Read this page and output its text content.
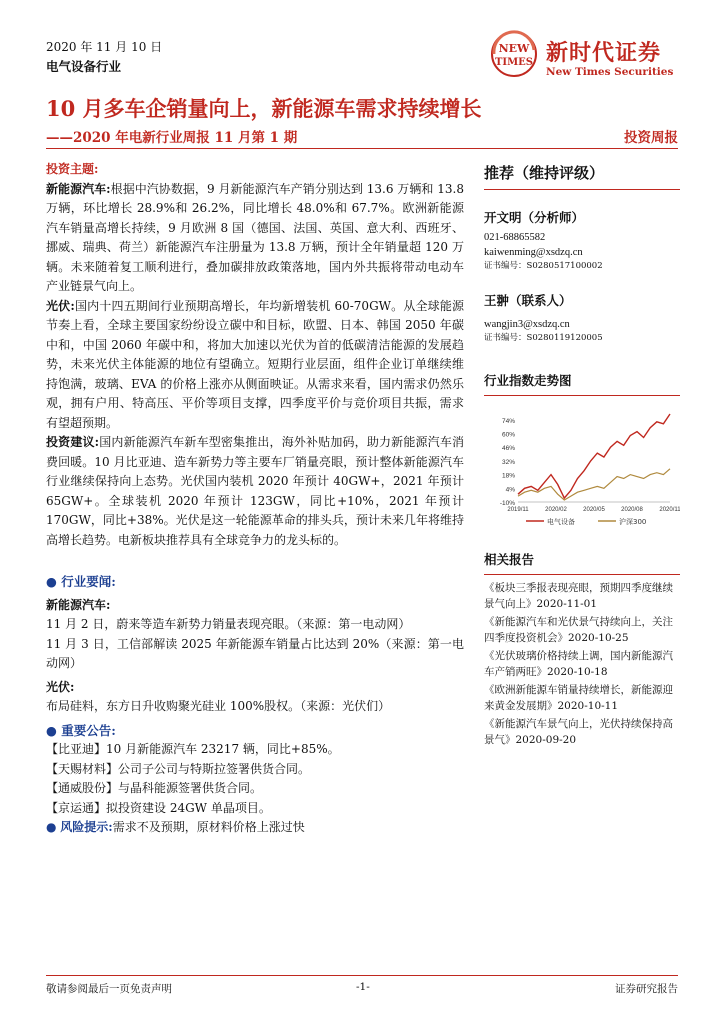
2020 年 11 月 10 日
电气设备行业
NEW
TIMES 新时代证券
New Times Securities
10 月多车企销量向上，新能源车需求持续增长
——2020 年电新行业周报 11 月第 1 期	投资周报

投资主题:

新能源汽车:根据中汽协数据，9 月新能源汽车产销分别达到 13.6 万辆和 13.8 万辆，环比增长 28.9%和 26.2%，同比增长 48.0%和 67.7%。欧洲新能源汽车销量高增长持续，9 月欧洲 8 国（德国、法国、英国、意大利、西班牙、挪威、瑞典、荷兰）新能源汽车注册量为 13.8 万辆，预计全年销量超 120 万辆。未来随着复工顺利进行，叠加碳排放政策落地，国内外共振将带动电动车产业链景气向上。

光伏:国内十四五期间行业预期高增长，年均新增装机 60-70GW。从全球能源节奏上看，全球主要国家纷纷设立碳中和目标，欧盟、日本、韩国 2050 年碳中和，中国 2060 年碳中和，将加大加速以光伏为首的低碳清洁能源的发展趋势，未来光伏主体能源的地位有望确立。短期行业层面，组件企业订单继续维持饱满，玻璃、EVA 的价格上涨亦从侧面映证。从需求来看，国内需求仍然乐观，拥有户用、特高压、平价等项目支撑，四季度平价与竞价项目共振，需求有望超预期。

投资建议:国内新能源汽车新车型密集推出，海外补贴加码，助力新能源汽车消费回暖。10 月比亚迪、造车新势力等主要车厂销量亮眼，预计整体新能源汽车行业继续保持向上态势。光伏国内装机 2020 年预计 40GW+，2021 年预计 65GW+。全球装机 2020 年预计 123GW，同比+10%，2021 年预计 170GW，同比+38%。光伏是这一轮能源革命的排头兵，预计未来几年将维持高增长趋势。电新板块推荐具有全球竞争力的龙头标的。

● 行业要闻:
新能源汽车:

11 月 2 日，蔚来等造车新势力销量表现亮眼。（来源：第一电动网）

11 月 3 日，工信部解读 2025 年新能源车销量占比达到 20%（来源：第一电动网）

光伏:

布局硅料，东方日升收购聚光硅业 100%股权。（来源：光伏们）

● 重要公告:

【比亚迪】10 月新能源汽车 23217 辆，同比+85%。

【天赐材料】公司子公司与特斯拉签署供货合同。

【通威股份】与晶科能源签署供货合同。

【京运通】拟投资建设 24GW 单晶项目。

● 风险提示:需求不及预期，原材料价格上涨过快

推荐（维持评级）
开文明（分析师）
021-68865582
kaiwenming@xsdzq.cn
证书编号：S0280517100002
王翀（联系人）
wangjin3@xsdzq.cn
证书编号：S0280119120005
行业指数走势图
74%
60%
46%
32%
18%
4%
-10%
2019/11	2020/02	2020/05	2020/08	2020/11
电气设备	沪深300
相关报告
《板块三季报表现亮眼，预期四季度继续景气向上》2020-11-01
《新能源汽车和光伏景气持续向上，关注四季度投资机会》2020-10-25
《光伏玻璃价格持续上调，国内新能源汽车产销两旺》2020-10-18
《欧洲新能源车销量持续增长，新能源迎来黄金发展期》2020-10-11
《新能源汽车景气向上，光伏持续保持高景气》2020-09-20
敬请参阅最后一页免责声明	-1-	证券研究报告
